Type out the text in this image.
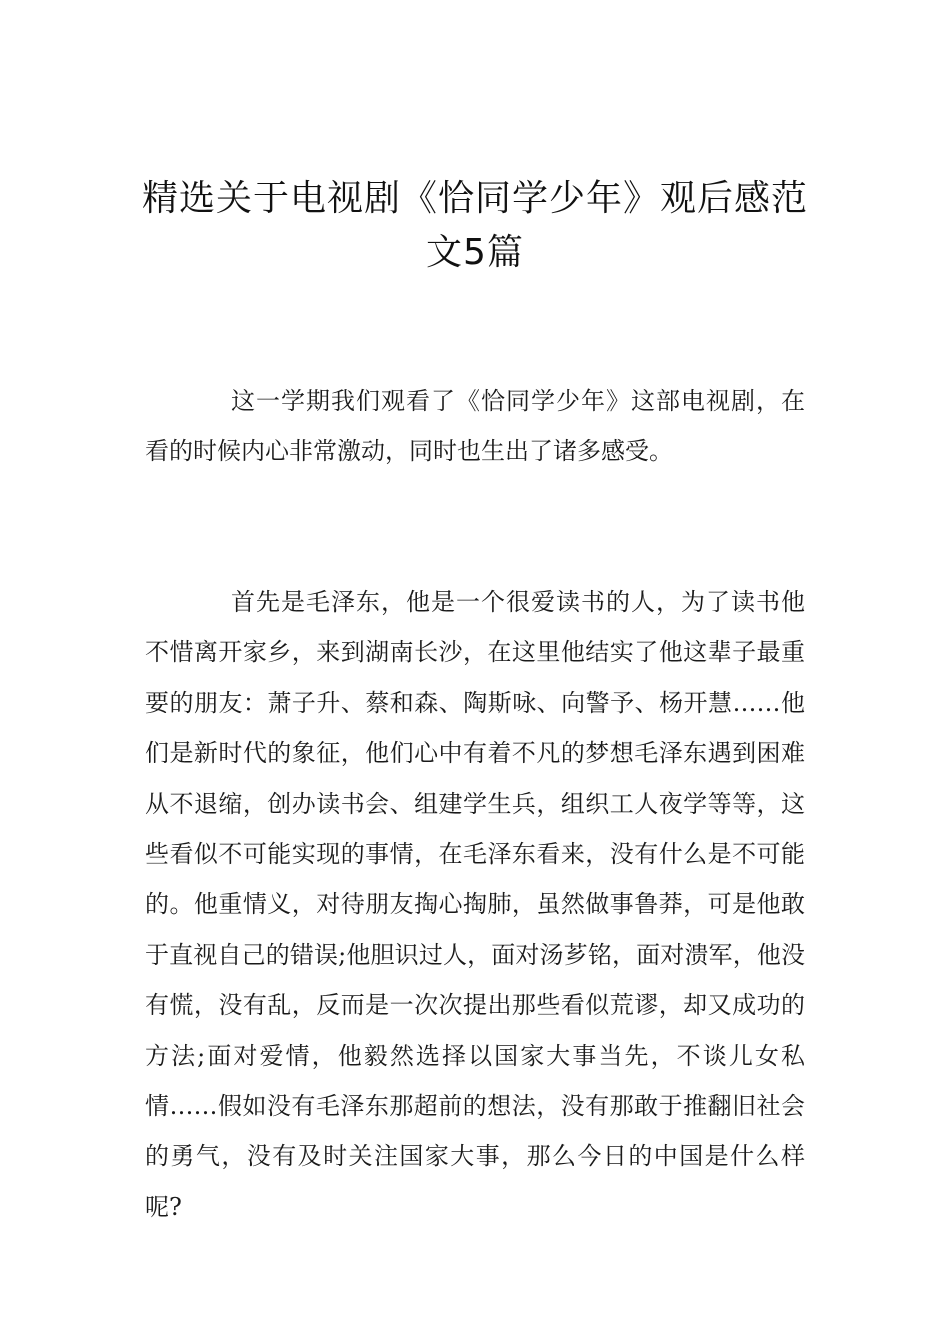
精选关于电视剧《恰同学少年》观后感范
文5篇

这一学期我们观看了《恰同学少年》这部电视剧，在看的时候内心非常激动，同时也生出了诸多感受。

首先是毛泽东，他是一个很爱读书的人，为了读书他不惜离开家乡，来到湖南长沙，在这里他结实了他这辈子最重要的朋友：萧子升、蔡和森、陶斯咏、向警予、杨开慧……他们是新时代的象征，他们心中有着不凡的梦想毛泽东遇到困难从不退缩，创办读书会、组建学生兵，组织工人夜学等等，这些看似不可能实现的事情，在毛泽东看来，没有什么是不可能的。他重情义，对待朋友掏心掏肺，虽然做事鲁莽，可是他敢于直视自己的错误;他胆识过人，面对汤芗铭，面对溃军，他没有慌，没有乱，反而是一次次提出那些看似荒谬，却又成功的方法;面对爱情，他毅然选择以国家大事当先，不谈儿女私情……假如没有毛泽东那超前的想法，没有那敢于推翻旧社会的勇气，没有及时关注国家大事，那么今日的中国是什么样呢?
